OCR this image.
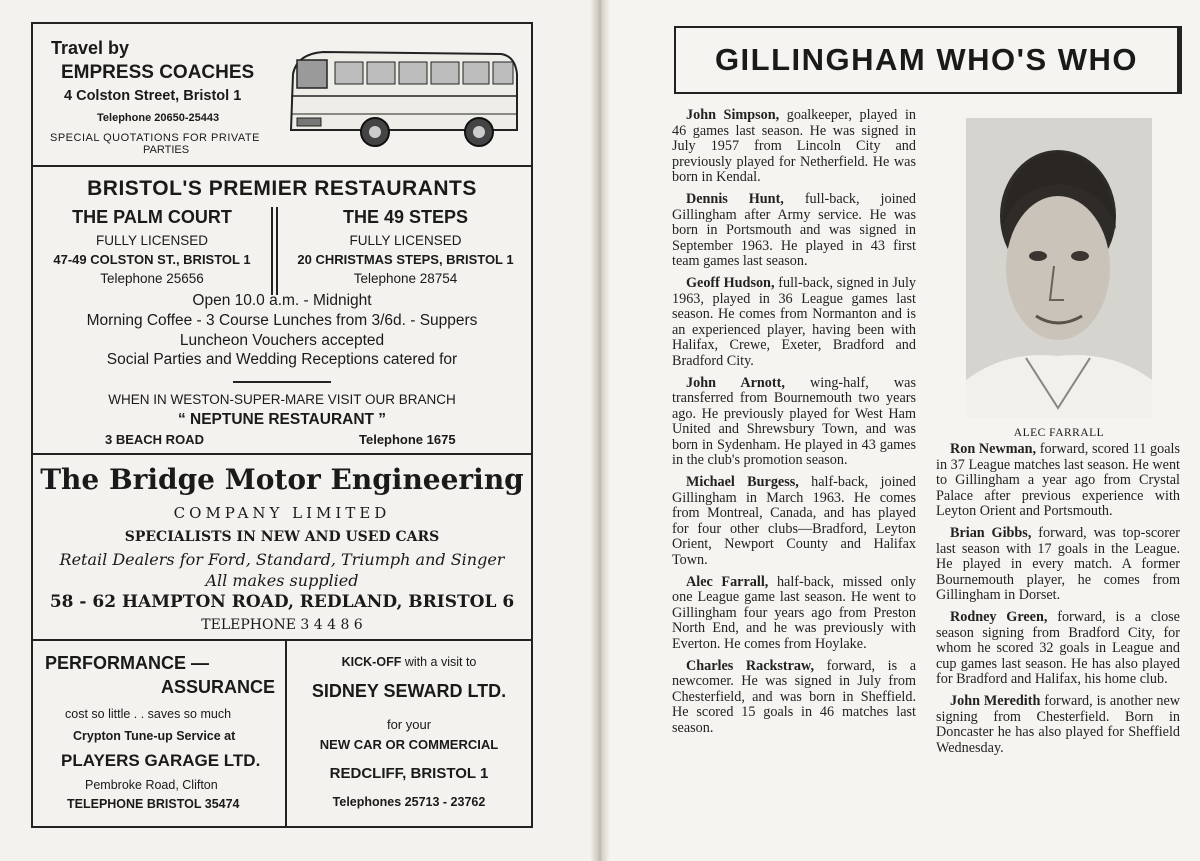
Travel by
EMPRESS COACHES
4 Colston Street, Bristol 1
Telephone 20650-25443
SPECIAL QUOTATIONS FOR PRIVATE
PARTIES
BRISTOL'S PREMIER RESTAURANTS
THE PALM COURT
FULLY LICENSED
47-49 COLSTON ST., BRISTOL 1
Telephone 25656
THE 49 STEPS
FULLY LICENSED
20 CHRISTMAS STEPS, BRISTOL 1
Telephone 28754
Open 10.0 a.m. - Midnight
Morning Coffee - 3 Course Lunches from 3/6d. - Suppers
Luncheon Vouchers accepted
Social Parties and Wedding Receptions catered for
WHEN IN WESTON-SUPER-MARE VISIT OUR BRANCH
“ NEPTUNE RESTAURANT ”
3 BEACH ROAD	Telephone 1675
The Bridge Motor Engineering
COMPANY LIMITED
SPECIALISTS IN NEW AND USED CARS
Retail Dealers for Ford, Standard, Triumph and Singer
All makes supplied
58 - 62 HAMPTON ROAD, REDLAND, BRISTOL 6
TELEPHONE 3 4 4 8 6
PERFORMANCE —
ASSURANCE
cost so little . . saves so much
Crypton Tune-up Service at
PLAYERS GARAGE LTD.
Pembroke Road, Clifton
TELEPHONE BRISTOL 35474
KICK-OFF with a visit to
SIDNEY SEWARD LTD.
for your
NEW CAR OR COMMERCIAL
REDCLIFF, BRISTOL 1
Telephones 25713 - 23762
GILLINGHAM WHO'S WHO

John Simpson, goalkeeper, played in 46 games last season. He was signed in July 1957 from Lincoln City and previously played for Netherfield. He was born in Kendal.

Dennis Hunt, full-back, joined Gillingham after Army service. He was born in Portsmouth and was signed in September 1963. He played in 43 first team games last season.

Geoff Hudson, full-back, signed in July 1963, played in 36 League games last season. He comes from Normanton and is an experienced player, having been with Halifax, Crewe, Exeter, Bradford and Bradford City.

John Arnott, wing-half, was transferred from Bournemouth two years ago. He previously played for West Ham United and Shrewsbury Town, and was born in Sydenham. He played in 43 games in the club's promotion season.

Michael Burgess, half-back, joined Gillingham in March 1963. He comes from Montreal, Canada, and has played for four other clubs—Bradford, Leyton Orient, Newport County and Halifax Town.

Alec Farrall, half-back, missed only one League game last season. He went to Gillingham four years ago from Preston North End, and he was previously with Everton. He comes from Hoylake.

Charles Rackstraw, forward, is a newcomer. He was signed in July from Chesterfield, and was born in Sheffield. He scored 15 goals in 46 matches last season.

ALEC FARRALL

Ron Newman, forward, scored 11 goals in 37 League matches last season. He went to Gillingham a year ago from Crystal Palace after previous experience with Leyton Orient and Portsmouth.

Brian Gibbs, forward, was top-scorer last season with 17 goals in the League. He played in every match. A former Bournemouth player, he comes from Gillingham in Dorset.

Rodney Green, forward, is a close season signing from Bradford City, for whom he scored 32 goals in League and cup games last season. He has also played for Bradford and Halifax, his home club.

John Meredith forward, is another new signing from Chesterfield. Born in Doncaster he has also played for Sheffield Wednesday.
